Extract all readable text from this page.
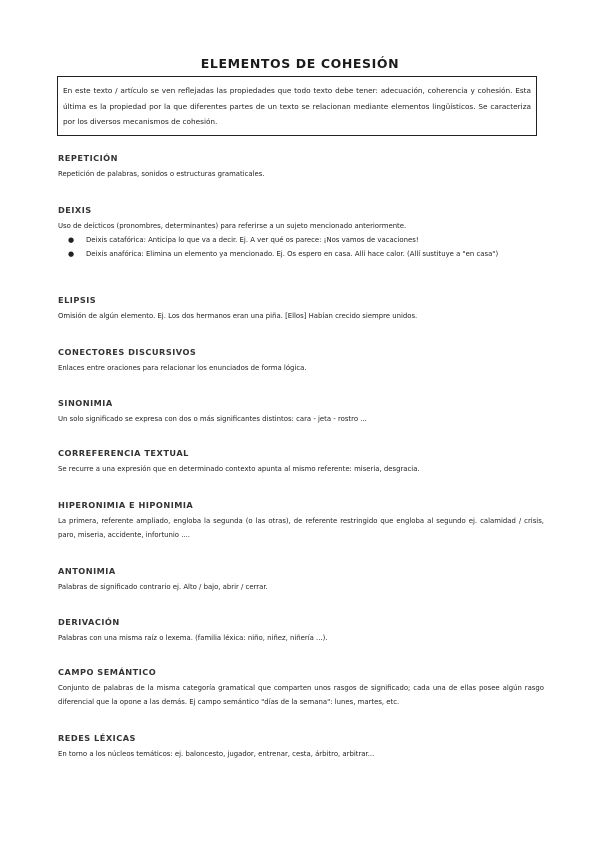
ELEMENTOS DE COHESIÓN
En este texto / artículo se ven reflejadas las propiedades que todo texto debe tener: adecuación, coherencia y cohesión. Esta última es la propiedad por la que diferentes partes de un texto se relacionan mediante elementos lingüísticos. Se caracteriza por los diversos mecanismos de cohesión.
REPETICIÓN
Repetición de palabras, sonidos o estructuras gramaticales.
DEIXIS
Uso de deícticos (pronombres, determinantes) para referirse a un sujeto mencionado anteriormente.
● Deixis catafórica: Anticipa lo que va a decir. Ej. A ver qué os parece: ¡Nos vamos de vacaciones!
● Deixis anafórica: Elimina un elemento ya mencionado. Ej. Os espero en casa. Allí hace calor. (Allí sustituye a "en casa")
ELIPSIS
Omisión de algún elemento. Ej. Los dos hermanos eran una piña. [Ellos] Habían crecido siempre unidos.
CONECTORES DISCURSIVOS
Enlaces entre oraciones para relacionar los enunciados de forma lógica.
SINONIMIA
Un solo significado se expresa con dos o más significantes distintos: cara - jeta - rostro ...
CORREFERENCIA TEXTUAL
Se recurre a una expresión que en determinado contexto apunta al mismo referente: miseria, desgracia.
HIPERONIMIA E HIPONIMIA
La primera, referente ampliado, engloba la segunda (o las otras), de referente restringido que engloba al segundo ej. calamidad / crisis, paro, miseria, accidente, infortunio ....
ANTONIMIA
Palabras de significado contrario ej. Alto / bajo, abrir / cerrar.
DERIVACIÓN
Palabras con una misma raíz o lexema. (familia léxica: niño, niñez, niñería ...).
CAMPO SEMÁNTICO
Conjunto de palabras de la misma categoría gramatical que comparten unos rasgos de significado; cada una de ellas posee algún rasgo diferencial que la opone a las demás. Ej campo semántico "días de la semana": lunes, martes, etc.
REDES LÉXICAS
En torno a los núcleos temáticos: ej. baloncesto, jugador, entrenar, cesta, árbitro, arbitrar...
